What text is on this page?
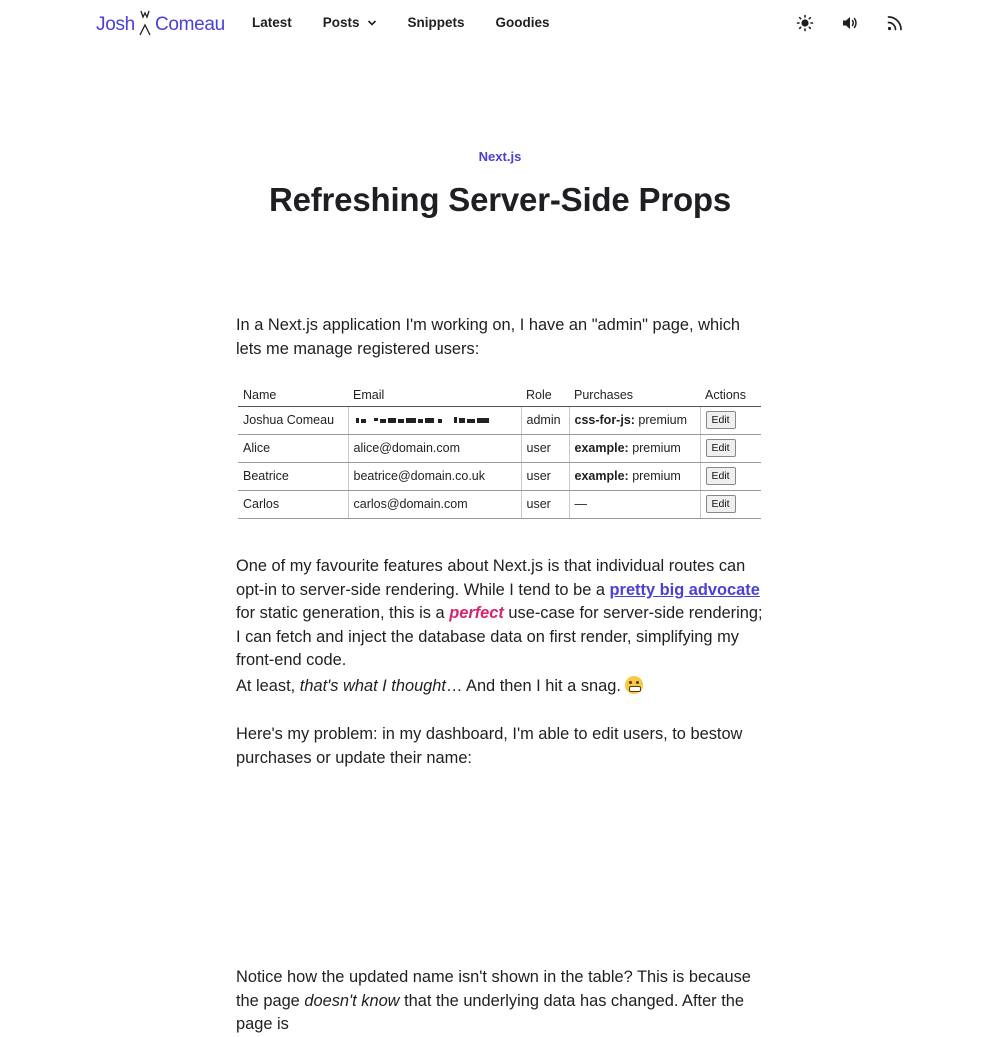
Josh Comeau Latest Posts	Snippets Goodies
Next.js
Refreshing Server-Side Props

In a Next.js application I'm working on, I have an "admin" page, which lets me manage registered users:

Name	Email	Role	Purchases	Actions
Joshua Comeau		admin	css-for-js: premium	Edit
Alice	alice@domain.com	user	example: premium	Edit
Beatrice	beatrice@domain.co.uk	user	example: premium	Edit
Carlos	carlos@domain.com	user	—	Edit

One of my favourite features about Next.js is that individual routes can opt-in to server-side rendering. While I tend to be a pretty big advocate for static generation, this is a perfect use-case for server-side rendering; I can fetch and inject the database data on first render, simplifying my front-end code.

At least, that's what I thought… And then I hit a snag.

Here's my problem: in my dashboard, I'm able to edit users, to bestow purchases or update their name:

Notice how the updated name isn't shown in the table? This is because the page doesn't know that the underlying data has changed. After the page is
